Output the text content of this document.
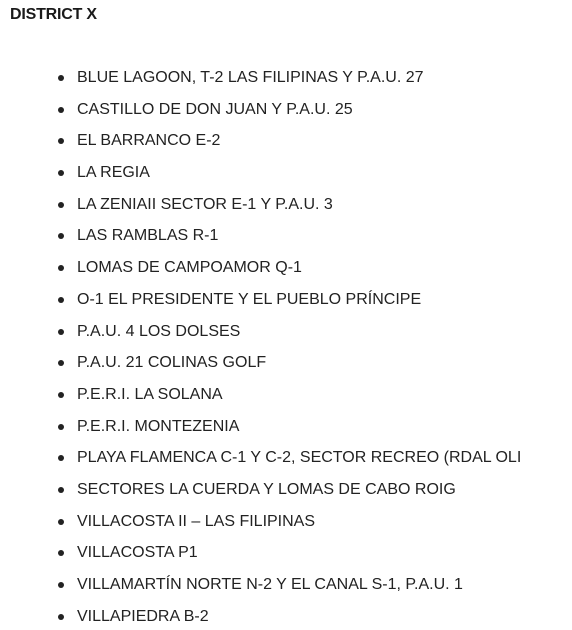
DISTRICT X
BLUE LAGOON, T-2 LAS FILIPINAS Y P.A.U. 27
CASTILLO DE DON JUAN Y P.A.U. 25
EL BARRANCO E-2
LA REGIA
LA ZENIAII SECTOR E-1 Y P.A.U. 3
LAS RAMBLAS R-1
LOMAS DE CAMPOAMOR Q-1
O-1 EL PRESIDENTE Y EL PUEBLO PRÍNCIPE
P.A.U. 4 LOS DOLSES
P.A.U. 21 COLINAS GOLF
P.E.R.I. LA SOLANA
P.E.R.I. MONTEZENIA
PLAYA FLAMENCA C-1 Y C-2, SECTOR RECREO (RDAL OLI
SECTORES LA CUERDA Y LOMAS DE CABO ROIG
VILLACOSTA II – LAS FILIPINAS
VILLACOSTA P1
VILLAMARTÍN NORTE N-2 Y EL CANAL S-1, P.A.U. 1
VILLAPIEDRA B-2
